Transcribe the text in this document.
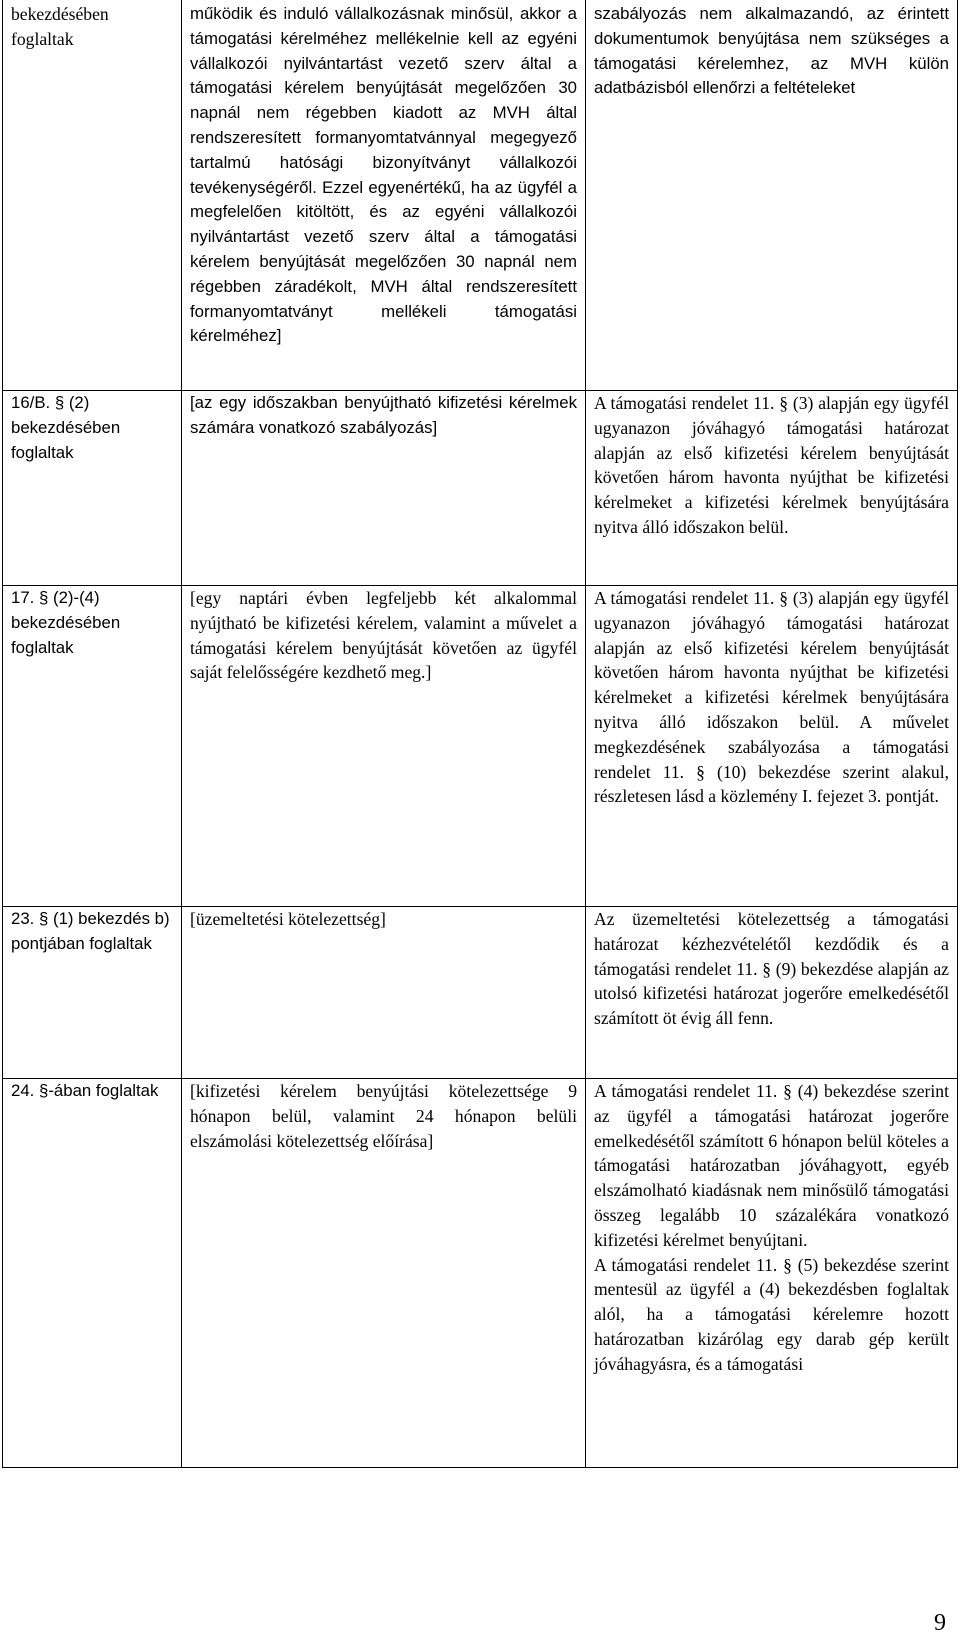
bekezdésében foglaltak	működik és induló vállalkozásnak minősül, akkor a támogatási kérelméhez mellékelnie kell az egyéni vállalkozói nyilvántartást vezető szerv által a támogatási kérelem benyújtását megelőzően 30 napnál nem régebben kiadott az MVH által rendszeresített formanyomtatvánnyal megegyező tartalmú hatósági bizonyítványt vállalkozói tevékenységéről. Ezzel egyenértékű, ha az ügyfél a megfelelően kitöltött, és az egyéni vállalkozói nyilvántartást vezető szerv által a támogatási kérelem benyújtását megelőzően 30 napnál nem régebben záradékolt, MVH által rendszeresített formanyomtatványt mellékeli támogatási kérelméhez]	szabályozás nem alkalmazandó, az érintett dokumentumok benyújtása nem szükséges a támogatási kérelemhez, az MVH külön adatbázisból ellenőrzi a feltételeket

16/B. § (2) bekezdésében foglaltak	[az egy időszakban benyújtható kifizetési kérelmek számára vonatkozó szabályozás]	A támogatási rendelet 11. § (3) alapján egy ügyfél ugyanazon jóváhagyó támogatási határozat alapján az első kifizetési kérelem benyújtását követően három havonta nyújthat be kifizetési kérelmeket a kifizetési kérelmek benyújtására nyitva álló időszakon belül.

17. § (2)-(4) bekezdésében foglaltak	[egy naptári évben legfeljebb két alkalommal nyújtható be kifizetési kérelem, valamint a művelet a támogatási kérelem benyújtását követően az ügyfél saját felelősségére kezdhető meg.]	A támogatási rendelet 11. § (3) alapján egy ügyfél ugyanazon jóváhagyó támogatási határozat alapján az első kifizetési kérelem benyújtását követően három havonta nyújthat be kifizetési kérelmeket a kifizetési kérelmek benyújtására nyitva álló időszakon belül. A művelet megkezdésének szabályozása a támogatási rendelet 11. § (10) bekezdése szerint alakul, részletesen lásd a közlemény I. fejezet 3. pontját.

23. § (1) bekezdés b) pontjában foglaltak	[üzemeltetési kötelezettség]	Az üzemeltetési kötelezettség a támogatási határozat kézhezvételétől kezdődik és a támogatási rendelet 11. § (9) bekezdése alapján az utolsó kifizetési határozat jogerőre emelkedésétől számított öt évig áll fenn.

24. §-ában foglaltak	[kifizetési kérelem benyújtási kötelezettsége 9 hónapon belül, valamint 24 hónapon belüli elszámolási kötelezettség előírása]	A támogatási rendelet 11. § (4) bekezdése szerint az ügyfél a támogatási határozat jogerőre emelkedésétől számított 6 hónapon belül köteles a támogatási határozatban jóváhagyott, egyéb elszámolható kiadásnak nem minősülő támogatási összeg legalább 10 százalékára vonatkozó kifizetési kérelmet benyújtani.
A támogatási rendelet 11. § (5) bekezdése szerint mentesül az ügyfél a (4) bekezdésben foglaltak alól, ha a támogatási kérelemre hozott határozatban kizárólag egy darab gép került jóváhagyásra, és a támogatási
9
